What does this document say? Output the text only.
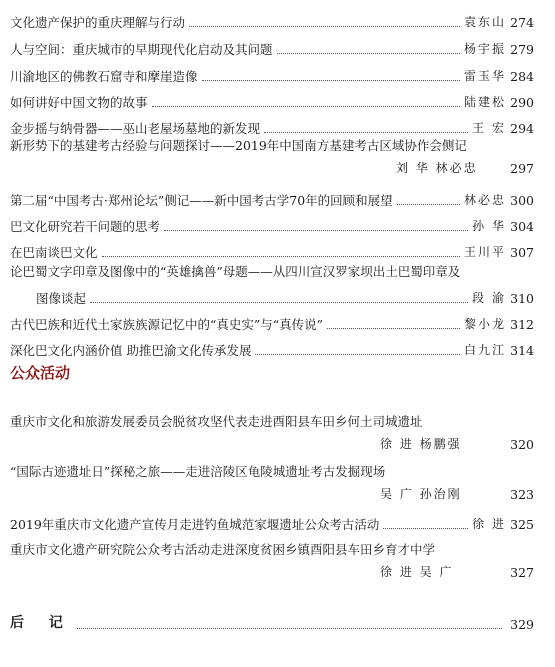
文化遗产保护的重庆理解与行动	袁东山 274
人与空间：重庆城市的早期现代化启动及其问题	杨宇振 279
川渝地区的佛教石窟寺和摩崖造像	雷玉华 284
如何讲好中国文物的故事	陆建松 290
金步摇与纳骨器——巫山老屋场墓地的新发现	王 宏 294
新形势下的基建考古经验与问题探讨——2019年中国南方基建考古区域协作会侧记
刘 华 林必忠	297
第二届“中国考古·郑州论坛”侧记——新中国考古学70年的回顾和展望	林必忠 300
巴文化研究若干问题的思考	孙 华 304
在巴南谈巴文化	王川平 307
论巴蜀文字印章及图像中的“英雄擒兽”母题——从四川宣汉罗家坝出土巴蜀印章及
图像谈起	段 渝 310
古代巴族和近代土家族族源记忆中的“真史实”与“真传说”	黎小龙 312
深化巴文化内涵价值 助推巴渝文化传承发展	白九江 314
公众活动
重庆市文化和旅游发展委员会脱贫攻坚代表走进酉阳县车田乡何土司城遗址
徐 进 杨鹏强	320
“国际古迹遗址日”探秘之旅——走进涪陵区龟陵城遗址考古发掘现场
吴 广 孙治刚	323
2019年重庆市文化遗产宣传月走进钓鱼城范家堰遗址公众考古活动	徐 进 325
重庆市文化遗产研究院公众考古活动走进深度贫困乡镇酉阳县车田乡育才中学
徐 进 吴 广	327
后 记	329
